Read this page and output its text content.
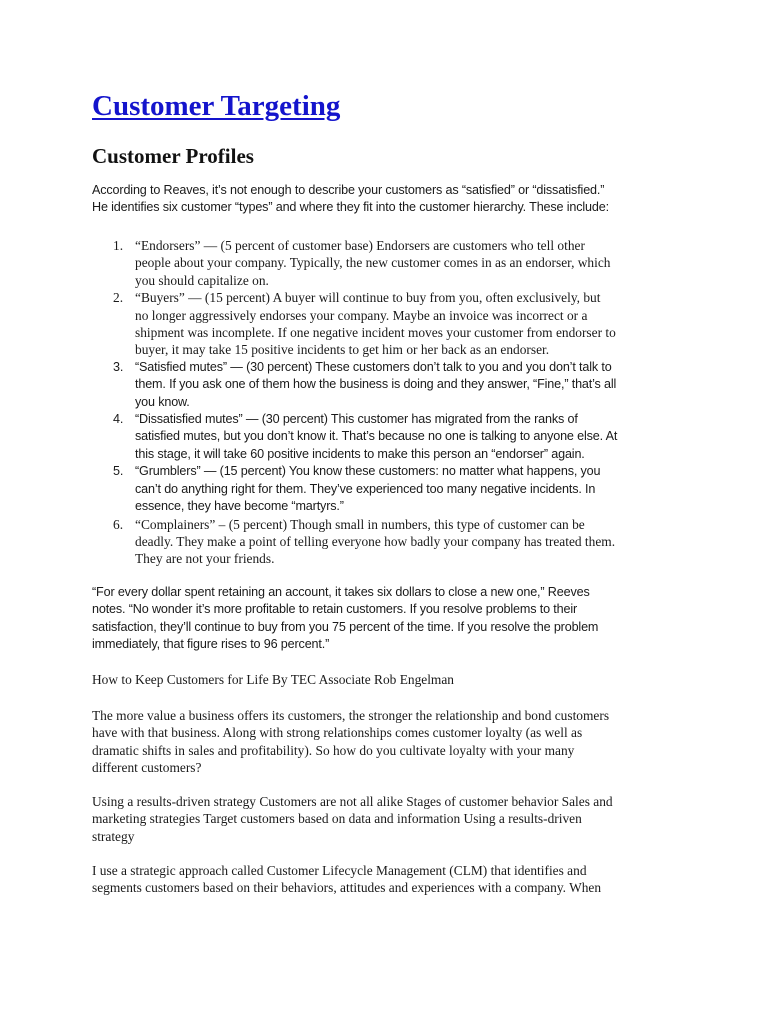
Customer Targeting
Customer Profiles

According to Reaves, it’s not enough to describe your customers as “satisfied” or “dissatisfied.”
He identifies six customer “types” and where they fit into the customer hierarchy. These include:

1. “Endorsers” — (5 percent of customer base) Endorsers are customers who tell other
people about your company. Typically, the new customer comes in as an endorser, which
you should capitalize on.
2. “Buyers” — (15 percent) A buyer will continue to buy from you, often exclusively, but
no longer aggressively endorses your company. Maybe an invoice was incorrect or a
shipment was incomplete. If one negative incident moves your customer from endorser to
buyer, it may take 15 positive incidents to get him or her back as an endorser.
3. “Satisfied mutes” — (30 percent) These customers don’t talk to you and you don’t talk to
them. If you ask one of them how the business is doing and they answer, “Fine,” that’s all
you know.
4. “Dissatisfied mutes” — (30 percent) This customer has migrated from the ranks of
satisfied mutes, but you don’t know it. That’s because no one is talking to anyone else. At
this stage, it will take 60 positive incidents to make this person an “endorser” again.
5. “Grumblers” — (15 percent) You know these customers: no matter what happens, you
can’t do anything right for them. They’ve experienced too many negative incidents. In
essence, they have become “martyrs.”
6. “Complainers” – (5 percent) Though small in numbers, this type of customer can be
deadly. They make a point of telling everyone how badly your company has treated them.
They are not your friends.

“For every dollar spent retaining an account, it takes six dollars to close a new one,” Reeves
notes. “No wonder it’s more profitable to retain customers. If you resolve problems to their
satisfaction, they’ll continue to buy from you 75 percent of the time. If you resolve the problem
immediately, that figure rises to 96 percent.”

How to Keep Customers for Life By TEC Associate Rob Engelman

The more value a business offers its customers, the stronger the relationship and bond customers
have with that business. Along with strong relationships comes customer loyalty (as well as
dramatic shifts in sales and profitability). So how do you cultivate loyalty with your many
different customers?

Using a results-driven strategy Customers are not all alike Stages of customer behavior Sales and
marketing strategies Target customers based on data and information Using a results-driven
strategy

I use a strategic approach called Customer Lifecycle Management (CLM) that identifies and
segments customers based on their behaviors, attitudes and experiences with a company. When
